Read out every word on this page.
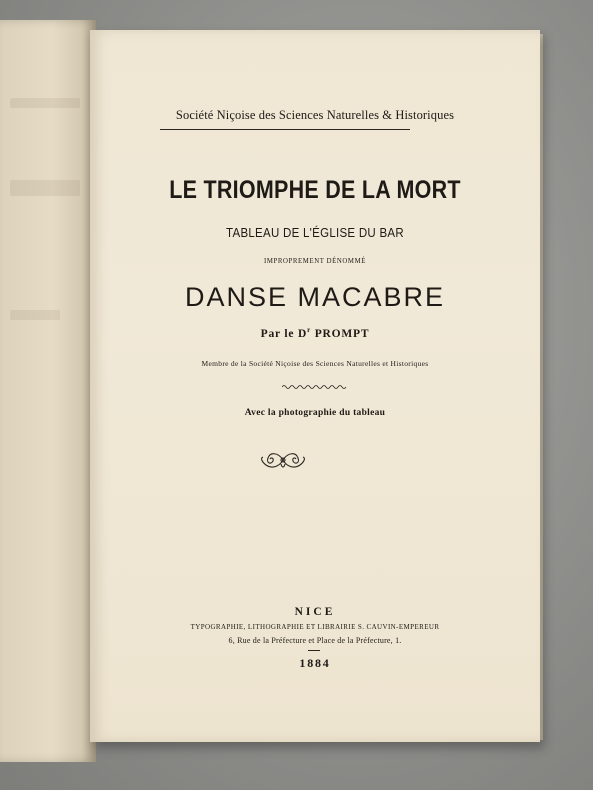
Société Niçoise des Sciences Naturelles & Historiques
LE TRIOMPHE DE LA MORT
TABLEAU DE L'ÉGLISE DU BAR
IMPROPREMENT DÉNOMMÉ
DANSE MACABRE
Par le $D^r$ PROMPT
Membre de la Société Niçoise des Sciences Naturelles et Historiques
Avec la photographie du tableau
NICE
TYPOGRAPHIE, LITHOGRAPHIE ET LIBRAIRIE S. CAUVIN-EMPEREUR
6, Rue de la Préfecture et Place de la Préfecture, 1.
1884
